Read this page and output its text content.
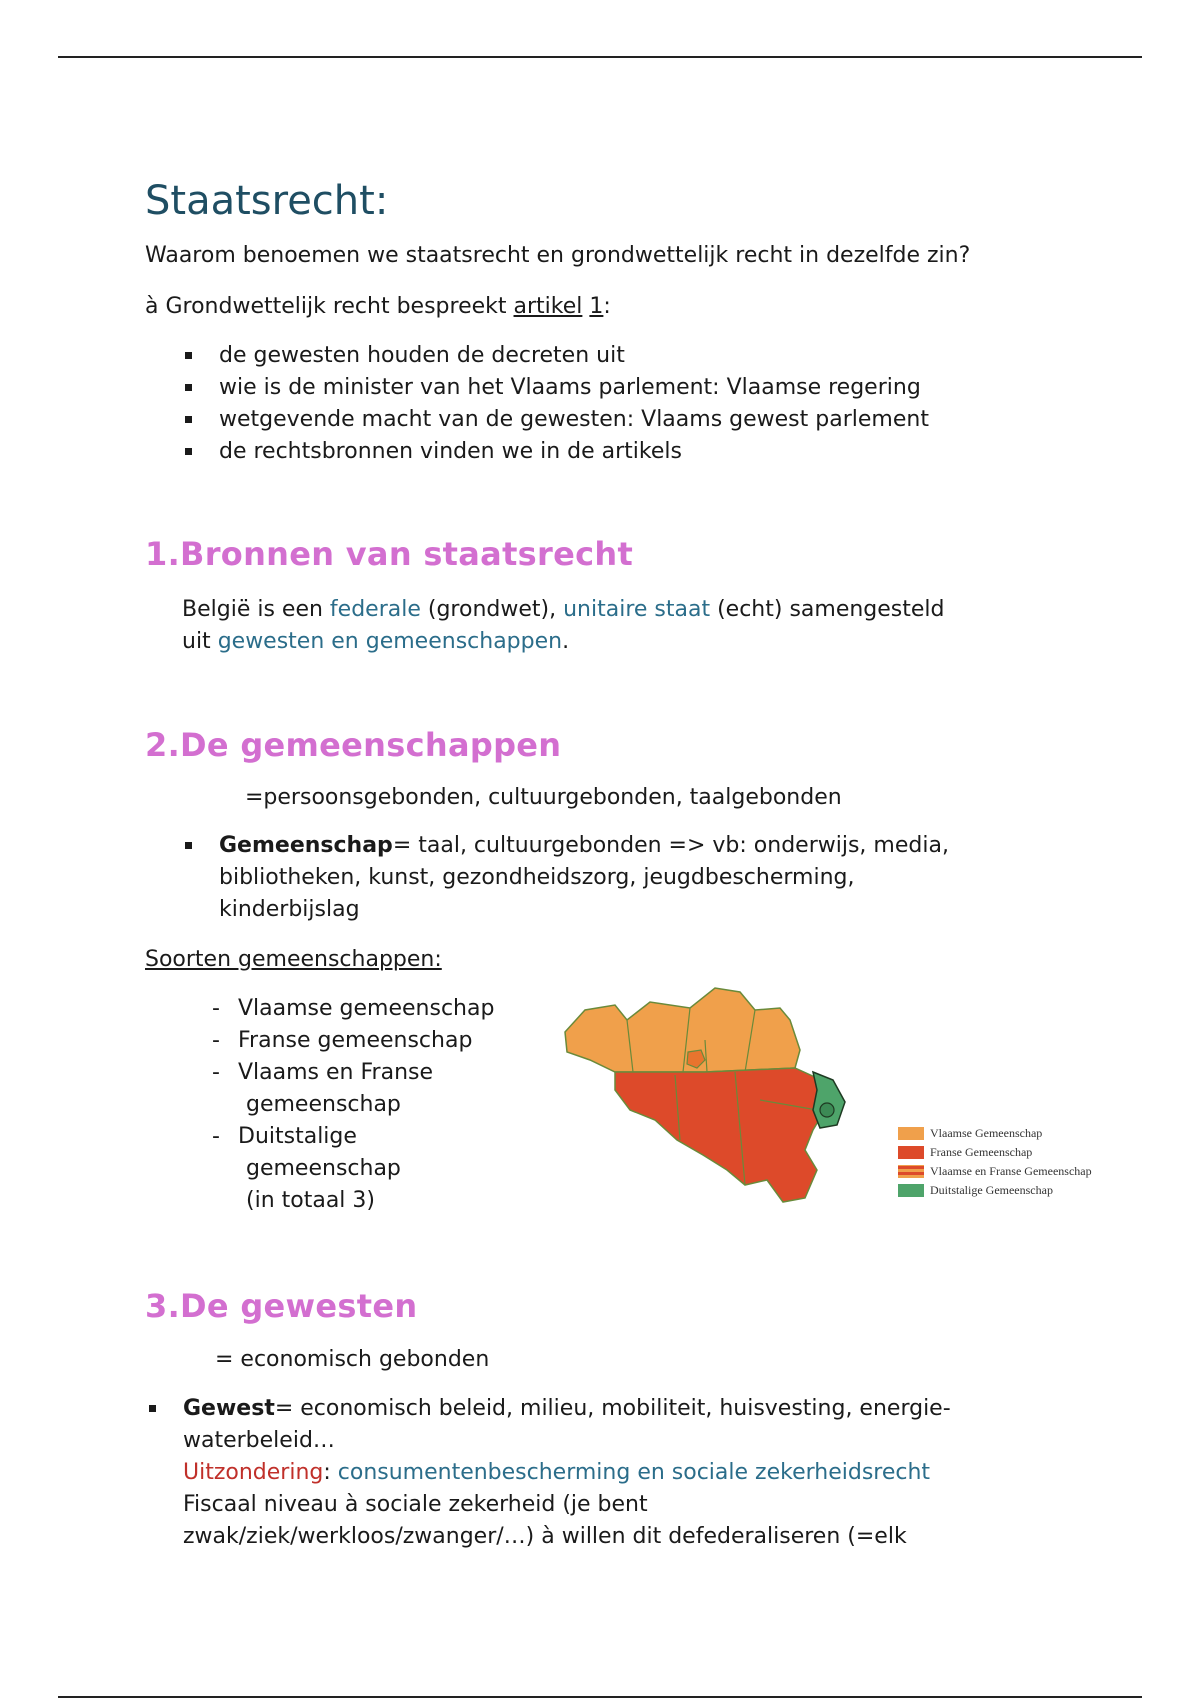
Staatsrecht:
Waarom benoemen we staatsrecht en grondwettelijk recht in dezelfde zin?
à Grondwettelijk recht bespreekt artikel 1:
de gewesten houden de decreten uit
wie is de minister van het Vlaams parlement: Vlaamse regering
wetgevende macht van de gewesten: Vlaams gewest parlement
de rechtsbronnen vinden we in de artikels
1.Bronnen van staatsrecht
België is een federale (grondwet), unitaire staat (echt) samengesteld
uit gewesten en gemeenschappen.
2.De gemeenschappen
=persoonsgebonden, cultuurgebonden, taalgebonden
Gemeenschap= taal, cultuurgebonden => vb: onderwijs, media,
bibliotheken, kunst, gezondheidszorg, jeugdbescherming,
kinderbijslag
Soorten gemeenschappen:
- Vlaamse gemeenschap
- Franse gemeenschap
- Vlaams en Franse
gemeenschap
- Duitstalige
gemeenschap
(in totaal 3)
Vlaamse Gemeenschap
Franse Gemeenschap
Vlaamse en Franse Gemeenschap
Duitstalige Gemeenschap
3.De gewesten
= economisch gebonden
Gewest= economisch beleid, milieu, mobiliteit, huisvesting, energie-
waterbeleid…
Uitzondering: consumentenbescherming en sociale zekerheidsrecht
Fiscaal niveau à sociale zekerheid (je bent
zwak/ziek/werkloos/zwanger/…) à willen dit defederaliseren (=elk
